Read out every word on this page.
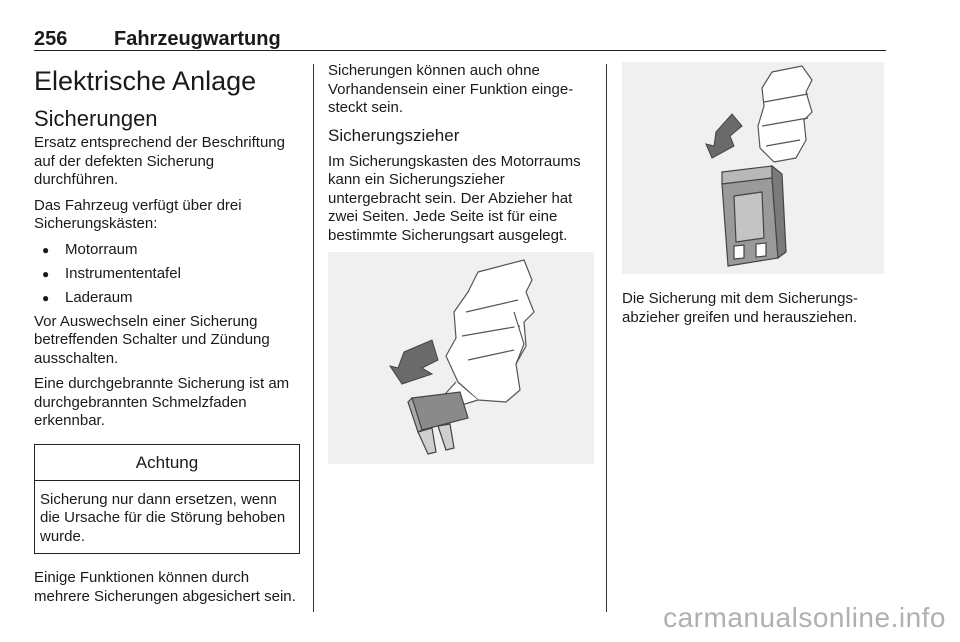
256 Fahrzeugwartung
Elektrische Anlage
Sicherungen

Ersatz entsprechend der Beschriftung auf der defekten Sicherung durchführen.

Das Fahrzeug verfügt über drei Sicherungskästen:

● Motorraum
● Instrumententafel
● Laderaum

Vor Auswechseln einer Sicherung betreffenden Schalter und Zündung ausschalten.

Eine durchgebrannte Sicherung ist am durchgebrannten Schmelzfaden erkennbar.

Achtung
Sicherung nur dann ersetzen, wenn die Ursache für die Störung behoben wurde.

Einige Funktionen können durch mehrere Sicherungen abgesichert sein.

Sicherungen können auch ohne Vorhandensein einer Funktion eingesteckt sein.

Sicherungszieher

Im Sicherungskasten des Motorraums kann ein Sicherungszieher untergebracht sein. Der Abzieher hat zwei Seiten. Jede Seite ist für eine bestimmte Sicherungsart ausgelegt.

Die Sicherung mit dem Sicherungsabzieher greifen und herausziehen.

carmanualsonline.info
